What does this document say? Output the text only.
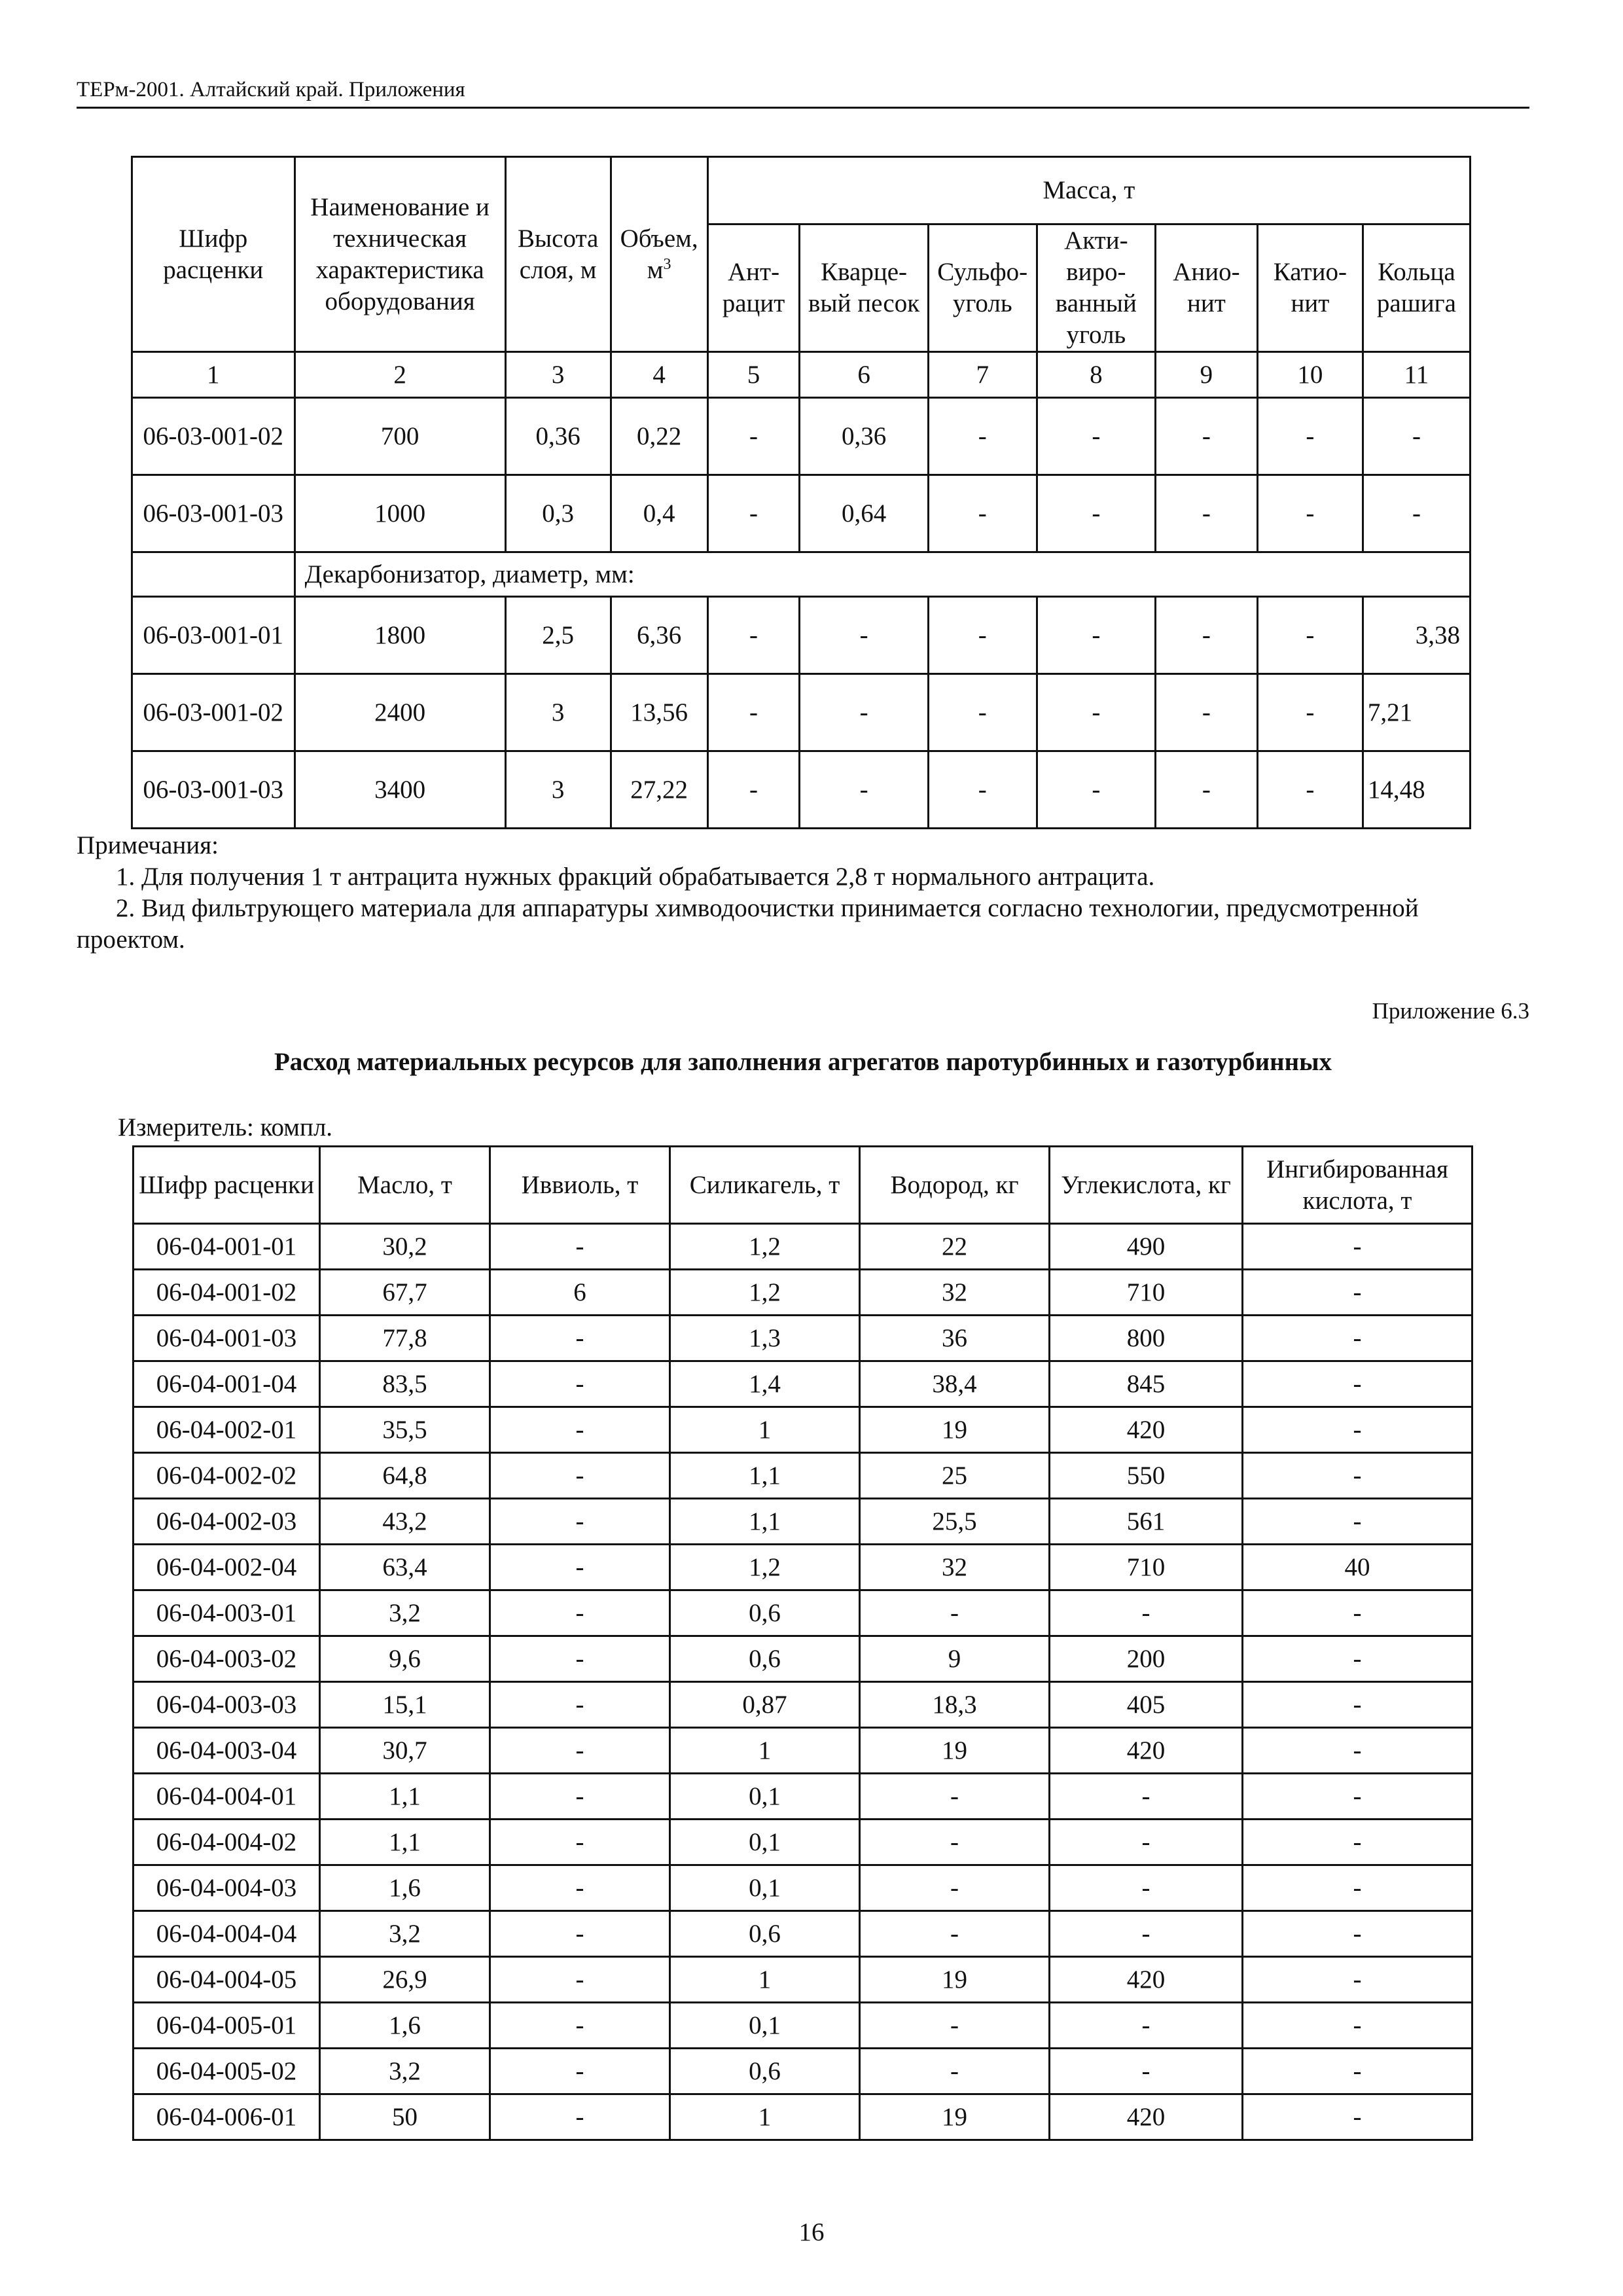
ТЕРм-2001. Алтайский край. Приложения
Шифр расценки	Наименование и техническая характеристика оборудования	Высота слоя, м	Объем, $м^3$	Масса, т						
				Ант-рацит	Кварце-вый песок	Сульфо-уголь	Акти-виро-ванный уголь	Анио-нит	Катио-нит	Кольца рашига
1	2	3	4	5	6	7	8	9	10	11
06-03-001-02	700	0,36	0,22	-	0,36	-	-	-	-	-
06-03-001-03	1000	0,3	0,4	-	0,64	-	-	-	-	-
	Декарбонизатор, диаметр, мм:									
06-03-001-01	1800	2,5	6,36	-	-	-	-	-	-	3,38
06-03-001-02	2400	3	13,56	-	-	-	-	-	-	7,21
06-03-001-03	3400	3	27,22	-	-	-	-	-	-	14,48

Примечания:

1. Для получения 1 т антрацита нужных фракций обрабатывается 2,8 т нормального антрацита.

2. Вид фильтрующего материала для аппаратуры химводоочистки принимается согласно технологии, предусмотренной проектом.

Приложение 6.3
Расход материальных ресурсов для заполнения агрегатов паротурбинных и газотурбинных
Измеритель: компл.
Шифр расценки	Масло, т	Иввиоль, т	Силикагель, т	Водород, кг	Углекислота, кг	Ингибированная кислота, т
06-04-001-01	30,2	-	1,2	22	490	-
06-04-001-02	67,7	6	1,2	32	710	-
06-04-001-03	77,8	-	1,3	36	800	-
06-04-001-04	83,5	-	1,4	38,4	845	-
06-04-002-01	35,5	-	1	19	420	-
06-04-002-02	64,8	-	1,1	25	550	-
06-04-002-03	43,2	-	1,1	25,5	561	-
06-04-002-04	63,4	-	1,2	32	710	40
06-04-003-01	3,2	-	0,6	-	-	-
06-04-003-02	9,6	-	0,6	9	200	-
06-04-003-03	15,1	-	0,87	18,3	405	-
06-04-003-04	30,7	-	1	19	420	-
06-04-004-01	1,1	-	0,1	-	-	-
06-04-004-02	1,1	-	0,1	-	-	-
06-04-004-03	1,6	-	0,1	-	-	-
06-04-004-04	3,2	-	0,6	-	-	-
06-04-004-05	26,9	-	1	19	420	-
06-04-005-01	1,6	-	0,1	-	-	-
06-04-005-02	3,2	-	0,6	-	-	-
06-04-006-01	50	-	1	19	420	-
16
